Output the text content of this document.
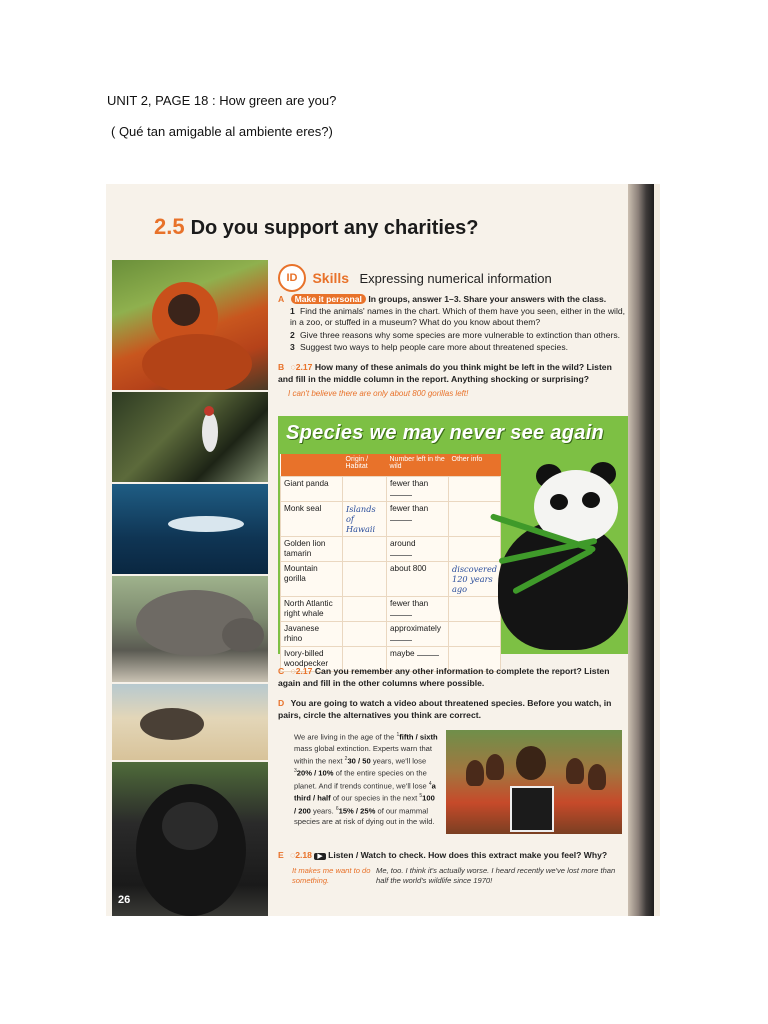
UNIT 2, PAGE 18 : How green are you?
( Qué tan amigable al ambiente eres?)
2.5 Do you support any charities?
26
ID Skills Expressing numerical information
A Make it personal In groups, answer 1–3. Share your answers with the class.
1 Find the animals' names in the chart. Which of them have you seen, either in the wild, in a zoo, or stuffed in a museum? What do you know about them?
2 Give three reasons why some species are more vulnerable to extinction than others.
3 Suggest two ways to help people care more about threatened species.
B ◌2.17 How many of these animals do you think might be left in the wild? Listen and fill in the middle column in the report. Anything shocking or surprising?
I can't believe there are only about 800 gorillas left!
Species we may never see again
	Origin / Habitat	Number left in the wild	Other info
Giant panda		fewer than

Monk seal	Islands of Hawaii	fewer than

Golden lion tamarin		around

Mountain gorilla		about 800	discovered 120 years ago
North Atlantic right whale		fewer than

Javanese rhino		approximately

Ivory-billed woodpecker		maybe	
C ◌2.17 Can you remember any other information to complete the report? Listen again and fill in the other columns where possible.
D You are going to watch a video about threatened species. Before you watch, in pairs, circle the alternatives you think are correct.
We are living in the age of the $^1$fifth / sixth mass global extinction. Experts warn that within the next $^2$30 / 50 years, we'll lose $^3$20% / 10% of the entire species on the planet. And if trends continue, we'll lose $^4$a third / half of our species in the next $^5$100 / 200 years. $^6$15% / 25% of our mammal species are at risk of dying out in the wild.
E ◌2.18 ▶ Listen / Watch to check. How does this extract make you feel? Why?
It makes me want to do something.
Me, too. I think it's actually worse. I heard recently we've lost more than half the world's wildlife since 1970!
